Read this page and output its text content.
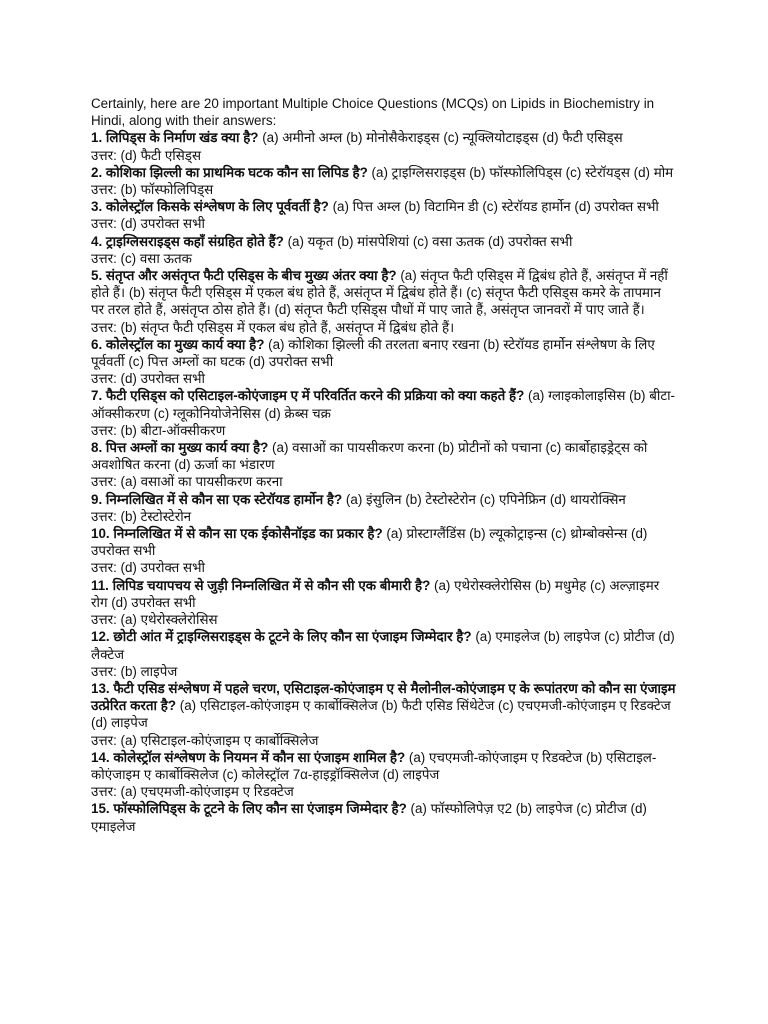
Certainly, here are 20 important Multiple Choice Questions (MCQs) on Lipids in Biochemistry in Hindi, along with their answers:

1. लिपिड्स के निर्माण खंड क्या है? (a) अमीनो अम्ल (b) मोनोसैकेराइड्स (c) न्यूक्लियोटाइड्स (d) फैटी एसिड्स

उत्तर: (d) फैटी एसिड्स

2. कोशिका झिल्ली का प्राथमिक घटक कौन सा लिपिड है? (a) ट्राइग्लिसराइड्स (b) फॉस्फोलिपिड्स (c) स्टेरॉयड्स (d) मोम

उत्तर: (b) फॉस्फोलिपिड्स

3. कोलेस्ट्रॉल किसके संश्लेषण के लिए पूर्ववर्ती है? (a) पित्त अम्ल (b) विटामिन डी (c) स्टेरॉयड हार्मोन (d) उपरोक्त सभी

उत्तर: (d) उपरोक्त सभी

4. ट्राइग्लिसराइड्स कहाँ संग्रहित होते हैं? (a) यकृत (b) मांसपेशियां (c) वसा ऊतक (d) उपरोक्त सभी

उत्तर: (c) वसा ऊतक

5. संतृप्त और असंतृप्त फैटी एसिड्स के बीच मुख्य अंतर क्या है? (a) संतृप्त फैटी एसिड्स में द्विबंध होते हैं, असंतृप्त में नहीं होते हैं। (b) संतृप्त फैटी एसिड्स में एकल बंध होते हैं, असंतृप्त में द्विबंध होते हैं। (c) संतृप्त फैटी एसिड्स कमरे के तापमान पर तरल होते हैं, असंतृप्त ठोस होते हैं। (d) संतृप्त फैटी एसिड्स पौधों में पाए जाते हैं, असंतृप्त जानवरों में पाए जाते हैं।

उत्तर: (b) संतृप्त फैटी एसिड्स में एकल बंध होते हैं, असंतृप्त में द्विबंध होते हैं।

6. कोलेस्ट्रॉल का मुख्य कार्य क्या है? (a) कोशिका झिल्ली की तरलता बनाए रखना (b) स्टेरॉयड हार्मोन संश्लेषण के लिए पूर्ववर्ती (c) पित्त अम्लों का घटक (d) उपरोक्त सभी

उत्तर: (d) उपरोक्त सभी

7. फैटी एसिड्स को एसिटाइल-कोएंजाइम ए में परिवर्तित करने की प्रक्रिया को क्या कहते हैं? (a) ग्लाइकोलाइसिस (b) बीटा-ऑक्सीकरण (c) ग्लूकोनियोजेनेसिस (d) क्रेब्स चक्र

उत्तर: (b) बीटा-ऑक्सीकरण

8. पित्त अम्लों का मुख्य कार्य क्या है? (a) वसाओं का पायसीकरण करना (b) प्रोटीनों को पचाना (c) कार्बोहाइड्रेट्स को अवशोषित करना (d) ऊर्जा का भंडारण

उत्तर: (a) वसाओं का पायसीकरण करना

9. निम्नलिखित में से कौन सा एक स्टेरॉयड हार्मोन है? (a) इंसुलिन (b) टेस्टोस्टेरोन (c) एपिनेफ्रिन (d) थायरोक्सिन

उत्तर: (b) टेस्टोस्टेरोन

10. निम्नलिखित में से कौन सा एक ईकोसैनॉइड का प्रकार है? (a) प्रोस्टाग्लैंडिंस (b) ल्यूकोट्राइन्स (c) थ्रोम्बोक्सेन्स (d) उपरोक्त सभी

उत्तर: (d) उपरोक्त सभी

11. लिपिड चयापचय से जुड़ी निम्नलिखित में से कौन सी एक बीमारी है? (a) एथेरोस्क्लेरोसिस (b) मधुमेह (c) अल्ज़ाइमर रोग (d) उपरोक्त सभी

उत्तर: (a) एथेरोस्क्लेरोसिस

12. छोटी आंत में ट्राइग्लिसराइड्स के टूटने के लिए कौन सा एंजाइम जिम्मेदार है? (a) एमाइलेज (b) लाइपेज (c) प्रोटीज (d) लैक्टेज

उत्तर: (b) लाइपेज

13. फैटी एसिड संश्लेषण में पहले चरण, एसिटाइल-कोएंजाइम ए से मैलोनील-कोएंजाइम ए के रूपांतरण को कौन सा एंजाइम उत्प्रेरित करता है? (a) एसिटाइल-कोएंजाइम ए कार्बोक्सिलेज (b) फैटी एसिड सिंथेटेज (c) एचएमजी-कोएंजाइम ए रिडक्टेज (d) लाइपेज

उत्तर: (a) एसिटाइल-कोएंजाइम ए कार्बोक्सिलेज

14. कोलेस्ट्रॉल संश्लेषण के नियमन में कौन सा एंजाइम शामिल है? (a) एचएमजी-कोएंजाइम ए रिडक्टेज (b) एसिटाइल-कोएंजाइम ए कार्बोक्सिलेज (c) कोलेस्ट्रॉल 7α-हाइड्रॉक्सिलेज (d) लाइपेज

उत्तर: (a) एचएमजी-कोएंजाइम ए रिडक्टेज

15. फॉस्फोलिपिड्स के टूटने के लिए कौन सा एंजाइम जिम्मेदार है? (a) फॉस्फोलिपेज़ ए2 (b) लाइपेज (c) प्रोटीज (d) एमाइलेज
